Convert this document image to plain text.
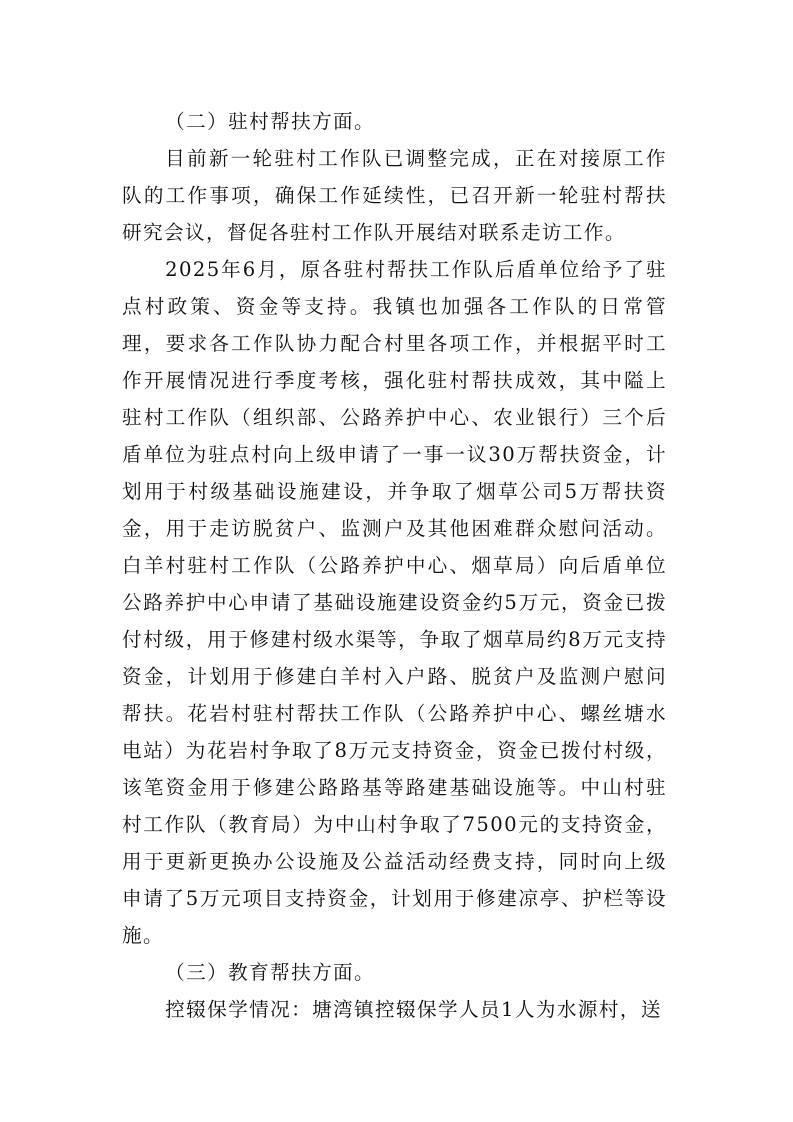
（二）驻村帮扶方面。

目前新一轮驻村工作队已调整完成，正在对接原工作队的工作事项，确保工作延续性，已召开新一轮驻村帮扶研究会议，督促各驻村工作队开展结对联系走访工作。

2025年6月，原各驻村帮扶工作队后盾单位给予了驻点村政策、资金等支持。我镇也加强各工作队的日常管理，要求各工作队协力配合村里各项工作，并根据平时工作开展情况进行季度考核，强化驻村帮扶成效，其中隘上驻村工作队（组织部、公路养护中心、农业银行）三个后盾单位为驻点村向上级申请了一事一议30万帮扶资金，计划用于村级基础设施建设，并争取了烟草公司5万帮扶资金，用于走访脱贫户、监测户及其他困难群众慰问活动。白羊村驻村工作队（公路养护中心、烟草局）向后盾单位公路养护中心申请了基础设施建设资金约5万元，资金已拨付村级，用于修建村级水渠等，争取了烟草局约8万元支持资金，计划用于修建白羊村入户路、脱贫户及监测户慰问帮扶。花岩村驻村帮扶工作队（公路养护中心、螺丝塘水电站）为花岩村争取了8万元支持资金，资金已拨付村级，该笔资金用于修建公路路基等路建基础设施等。中山村驻村工作队（教育局）为中山村争取了7500元的支持资金，用于更新更换办公设施及公益活动经费支持，同时向上级申请了5万元项目支持资金，计划用于修建凉亭、护栏等设施。

（三）教育帮扶方面。

控辍保学情况：塘湾镇控辍保学人员1人为水源村，送
